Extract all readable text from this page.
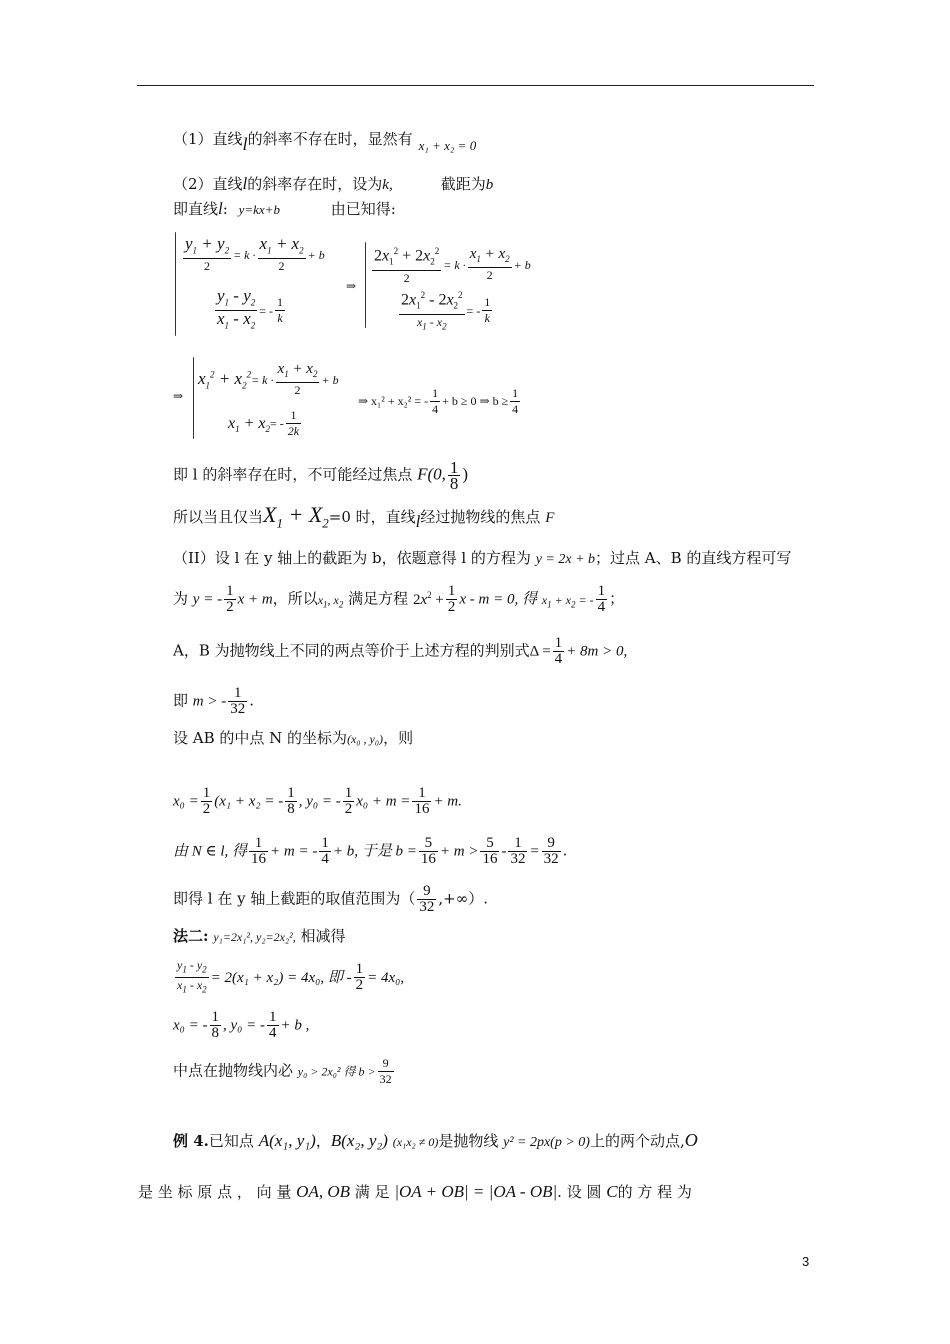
（1）直线l的斜率不存在时，显然有 x₁ + x₂ = 0
（2）直线l的斜率存在时，设为k,	截距为b
即直线l: y=kx+b	由已知得:
$\frac{y_1 + y_2}{2} = k \cdot \frac{x_1 + x_2}{2} + b$
$\frac{y_1 - y_2}{x_1 - x_2}$ = - $\frac{1}{k}$
⇒
$\frac{2x_1^2 + 2x_2^2}{2} = k \cdot \frac{x_1 + x_2}{2} + b$
$\frac{2x_1^2 - 2x_2^2}{x_1 - x_2}$ = - $\frac{1}{k}$
⇒
$x_1^2 + x_2^2= k \cdot \frac{x_1 + x_2}{2} + b$
$x_1 + x_2= - \frac{1}{2k}$
⇒ x₁² + x₂² = - $\frac{1}{4} + b \ge 0$ ⇒ $b \ge \frac{1}{4}$
即 l 的斜率存在时，不可能经过焦点 F(0, $\frac{1}{8}$ )
所以当且仅当$X_1 + X_2=0$ 时，直线l经过抛物线的焦点 F
（II）设 l 在 y 轴上的截距为 b，依题意得 l 的方程为 y = 2x + b；过点 A、B 的直线方程可写
为 y = - $\frac{1}{2}$ x + m，所以$x_1$, $x_2$ 满足方程 $2x^2 + \frac{1}{2}$ x - m = 0, 得 $x_1 + x_2$ = - $\frac{1}{4}$ ；
A，B 为抛物线上不同的两点等价于上述方程的判别式$\Delta = \frac{1}{4} + 8m > 0$,
即 m > - $\frac{1}{32}$ .
设 AB 的中点 N 的坐标为(x₀ , y₀)，则
$x_0 = \frac{1}{2} (x_1 + x_2$ = - $\frac{1}{8}$ , y₀ = - $\frac{1}{2} x_0 + m = \frac{1}{16} + m$.
由 N ∈ l, 得 $\frac{1}{16} + m$ = - $\frac{1}{4} + b$, 于是 $b = \frac{5}{16} + m > \frac{5}{16} - \frac{1}{32} = \frac{9}{32}$ .
即得 l 在 y 轴上截距的取值范围为（ $\frac{9}{32}$ ,+∞）.
法二: y₁=2x₁², y₂=2x₂², 相减得
$\frac{y_1 - y_2}{x_1 - x_2} = 2(x_1 + x_2) = 4x_0$, 即 - $\frac{1}{2} = 4x_0$,
x₀ = - $\frac{1}{8}$ , y₀ = - $\frac{1}{4} + b$ ,
中点在抛物线内必 y₀ > 2x₀² 得 $b > \frac{9}{32}$
例 4.已知点 A(x₁, y₁)，B(x₂, y₂) (x₁x₂ ≠ 0)是抛物线 y² = 2px(p > 0)上的两个动点,O
是 坐 标 原 点 ， 向 量 OA, OB 满 足 |OA + OB| = |OA - OB|. 设 圆 C的 方 程 为
3
